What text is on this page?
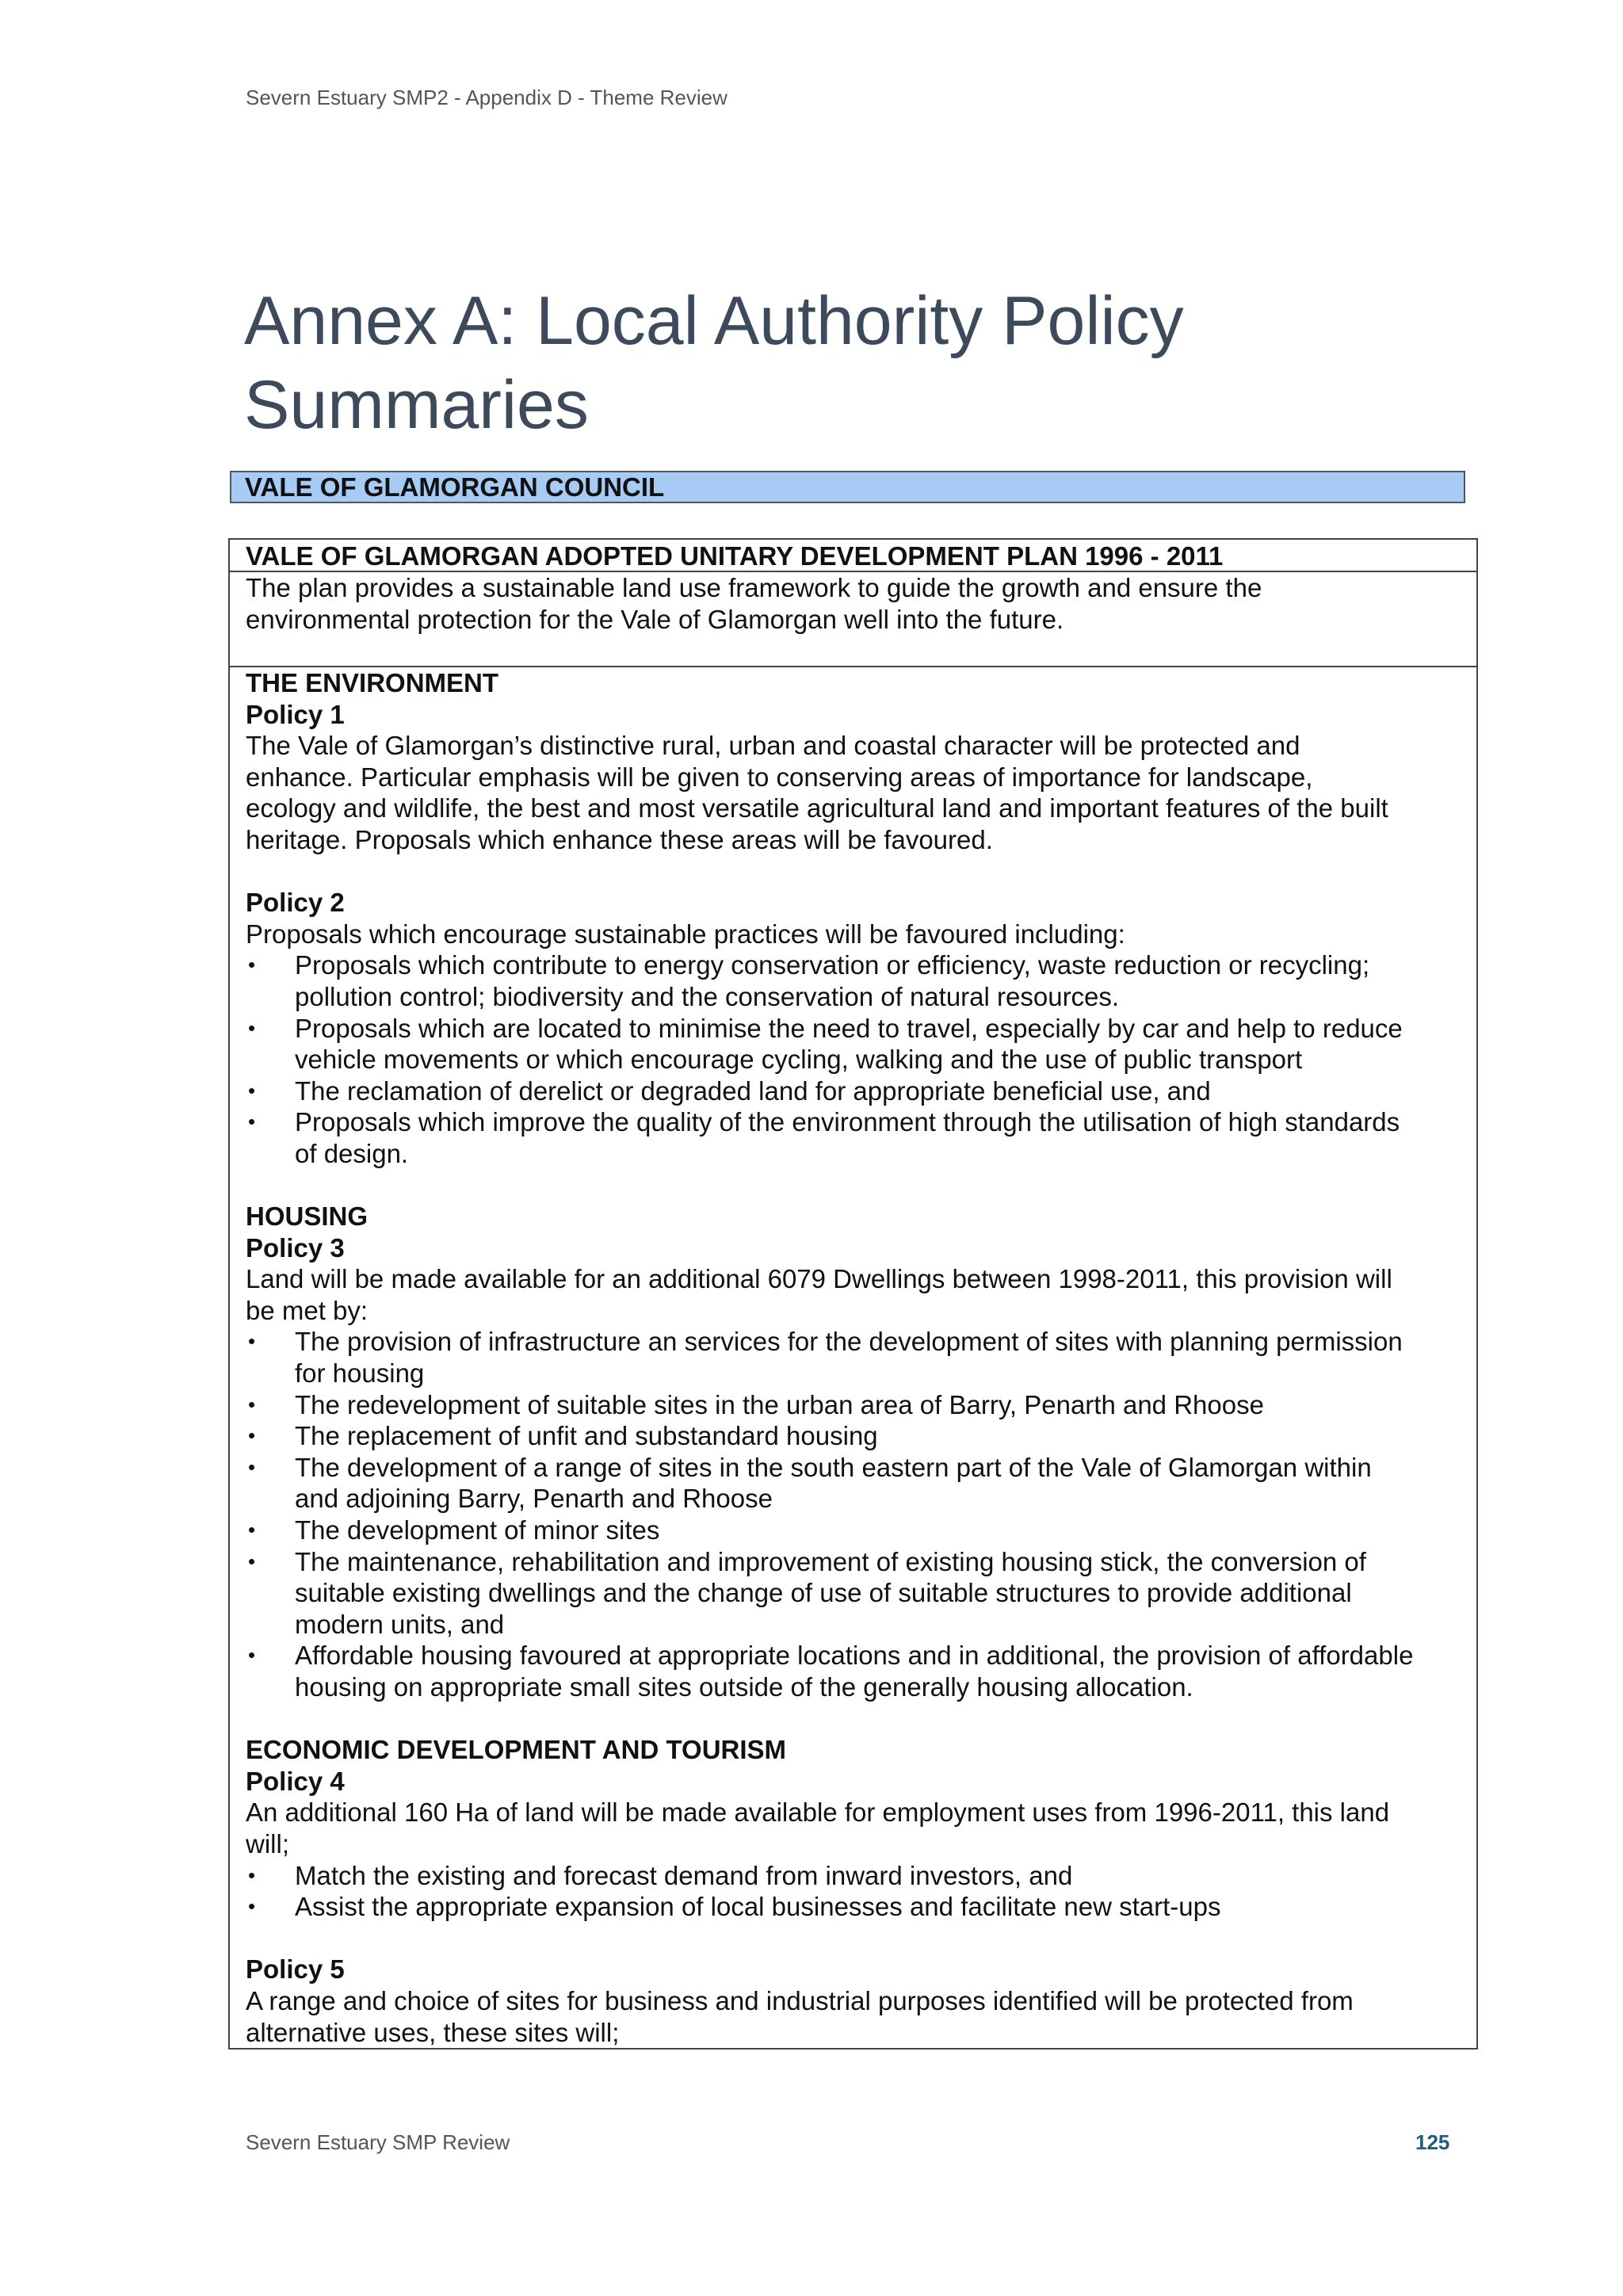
Severn Estuary SMP2 - Appendix D - Theme Review
Annex A: Local Authority Policy
Summaries
VALE OF GLAMORGAN COUNCIL
VALE OF GLAMORGAN ADOPTED UNITARY DEVELOPMENT PLAN 1996 - 2011
The plan provides a sustainable land use framework to guide the growth and ensure the
environmental protection for the Vale of Glamorgan well into the future.

THE ENVIRONMENT

Policy 1

The Vale of Glamorgan’s distinctive rural, urban and coastal character will be protected and

enhance. Particular emphasis will be given to conserving areas of importance for landscape,

ecology and wildlife, the best and most versatile agricultural land and important features of the built

heritage. Proposals which enhance these areas will be favoured.

Policy 2

Proposals which encourage sustainable practices will be favoured including:

• Proposals which contribute to energy conservation or efficiency, waste reduction or recycling;
pollution control; biodiversity and the conservation of natural resources.
• Proposals which are located to minimise the need to travel, especially by car and help to reduce
vehicle movements or which encourage cycling, walking and the use of public transport
• The reclamation of derelict or degraded land for appropriate beneficial use, and
• Proposals which improve the quality of the environment through the utilisation of high standards
of design.

HOUSING

Policy 3

Land will be made available for an additional 6079 Dwellings between 1998-2011, this provision will
be met by:

• The provision of infrastructure an services for the development of sites with planning permission
for housing
• The redevelopment of suitable sites in the urban area of Barry, Penarth and Rhoose
• The replacement of unfit and substandard housing
• The development of a range of sites in the south eastern part of the Vale of Glamorgan within
and adjoining Barry, Penarth and Rhoose
• The development of minor sites
• The maintenance, rehabilitation and improvement of existing housing stick, the conversion of
suitable existing dwellings and the change of use of suitable structures to provide additional
modern units, and
• Affordable housing favoured at appropriate locations and in additional, the provision of affordable
housing on appropriate small sites outside of the generally housing allocation.

ECONOMIC DEVELOPMENT AND TOURISM

Policy 4

An additional 160 Ha of land will be made available for employment uses from 1996-2011, this land
will;

• Match the existing and forecast demand from inward investors, and
• Assist the appropriate expansion of local businesses and facilitate new start-ups

Policy 5

A range and choice of sites for business and industrial purposes identified will be protected from

alternative uses, these sites will;

Severn Estuary SMP Review	125
